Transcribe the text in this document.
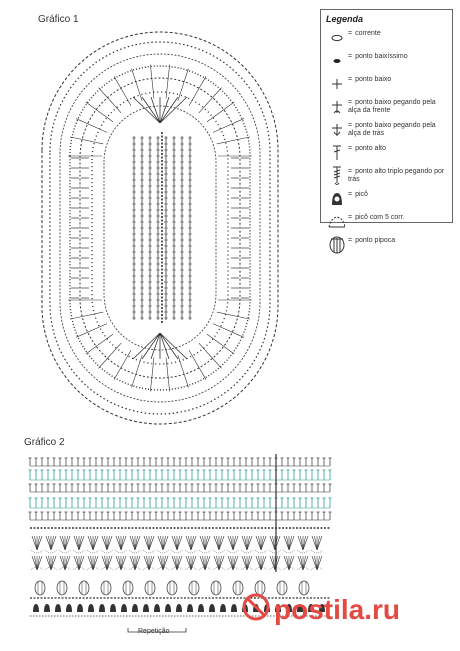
Gráfico 1	Legenda
= corrente
= ponto baixíssimo
= ponto baixo
= ponto baixo pegando pela alça da frente
= ponto baixo pegando pela alça de trás
= ponto alto
= ponto alto triplo pegando por trás
= picô
= picô com 5 corr.
= ponto pipoca
Gráfico 2
Repetição
postila.ru
